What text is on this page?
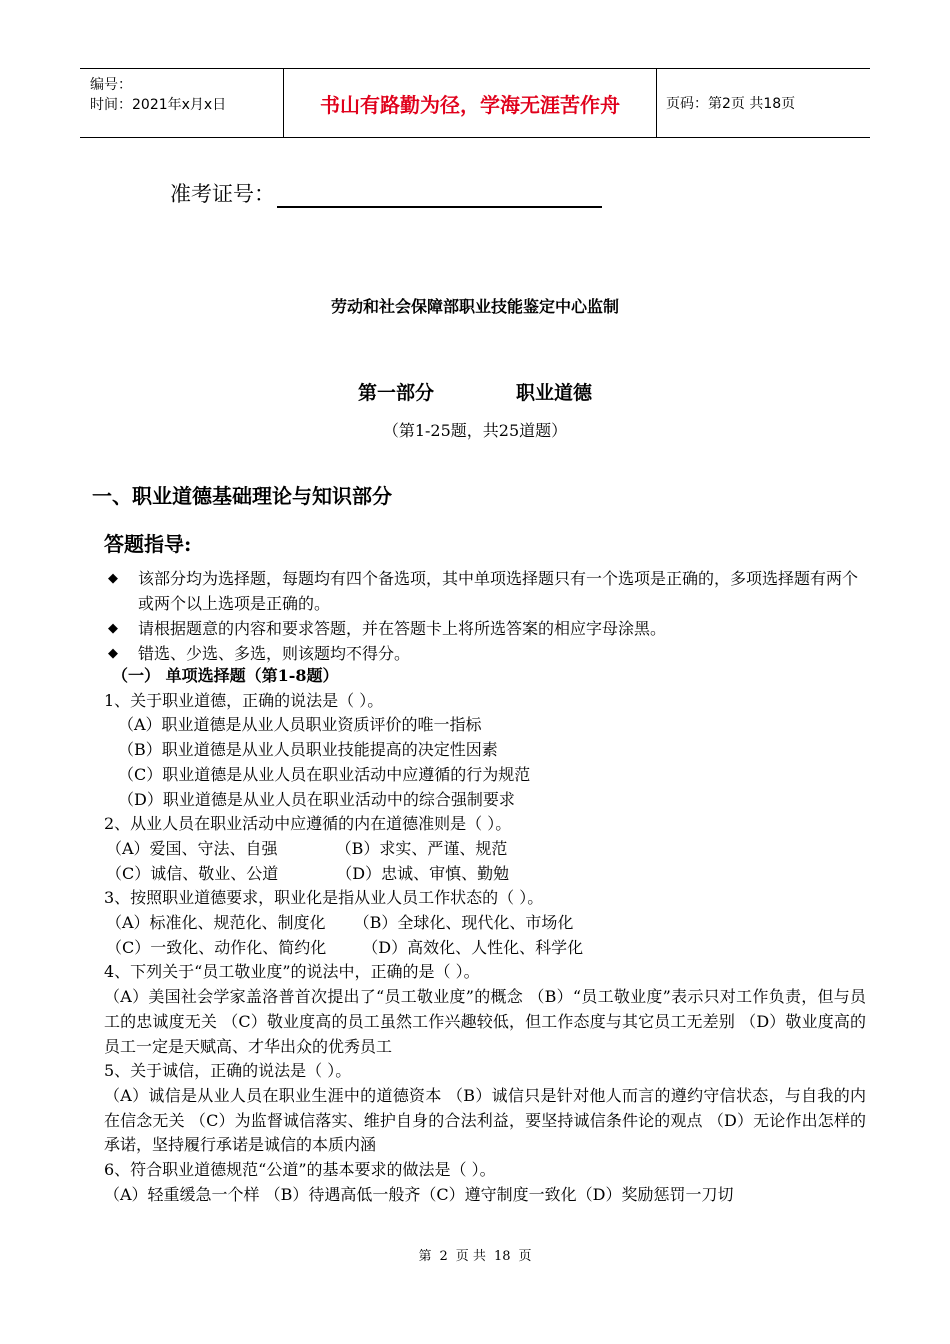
编号：
时间：2021年x月x日	书山有路勤为径，学海无涯苦作舟	页码：第2页 共18页
准考证号：
劳动和社会保障部职业技能鉴定中心监制
第一部分	职业道德
（第1-25题，共25道题）
一、职业道德基础理论与知识部分
答题指导:
◆ 该部分均为选择题，每题均有四个备选项，其中单项选择题只有一个选项是正确的，多项选择题有两个或两个以上选项是正确的。
◆ 请根据题意的内容和要求答题，并在答题卡上将所选答案的相应字母涂黑。
◆ 错选、少选、多选，则该题均不得分。
（一） 单项选择题（第1-8题）
1、关于职业道德，正确的说法是（ ）。
（A）职业道德是从业人员职业资质评价的唯一指标
（B）职业道德是从业人员职业技能提高的决定性因素
（C）职业道德是从业人员在职业活动中应遵循的行为规范
（D）职业道德是从业人员在职业活动中的综合强制要求
2、从业人员在职业活动中应遵循的内在道德准则是（ ）。
（A）爱国、守法、自强	（B）求实、严谨、规范
（C）诚信、敬业、公道	（D）忠诚、审慎、勤勉
3、按照职业道德要求，职业化是指从业人员工作状态的（ ）。
（A）标准化、规范化、制度化 （B）全球化、现代化、市场化
（C）一致化、动作化、简约化 （D）高效化、人性化、科学化
4、下列关于“员工敬业度”的说法中，正确的是（ ）。
（A）美国社会学家盖洛普首次提出了“员工敬业度”的概念 （B）“员工敬业度”表示只对工作负责，但与员工的忠诚度无关 （C）敬业度高的员工虽然工作兴趣较低，但工作态度与其它员工无差别 （D）敬业度高的员工一定是天赋高、才华出众的优秀员工
5、关于诚信，正确的说法是（ ）。
（A）诚信是从业人员在职业生涯中的道德资本 （B）诚信只是针对他人而言的遵约守信状态，与自我的内在信念无关 （C）为监督诚信落实、维护自身的合法利益，要坚持诚信条件论的观点 （D）无论作出怎样的承诺，坚持履行承诺是诚信的本质内涵
6、符合职业道德规范“公道”的基本要求的做法是（ ）。
（A）轻重缓急一个样 （B）待遇高低一般齐（C）遵守制度一致化（D）奖励惩罚一刀切
第 2 页 共 18 页
